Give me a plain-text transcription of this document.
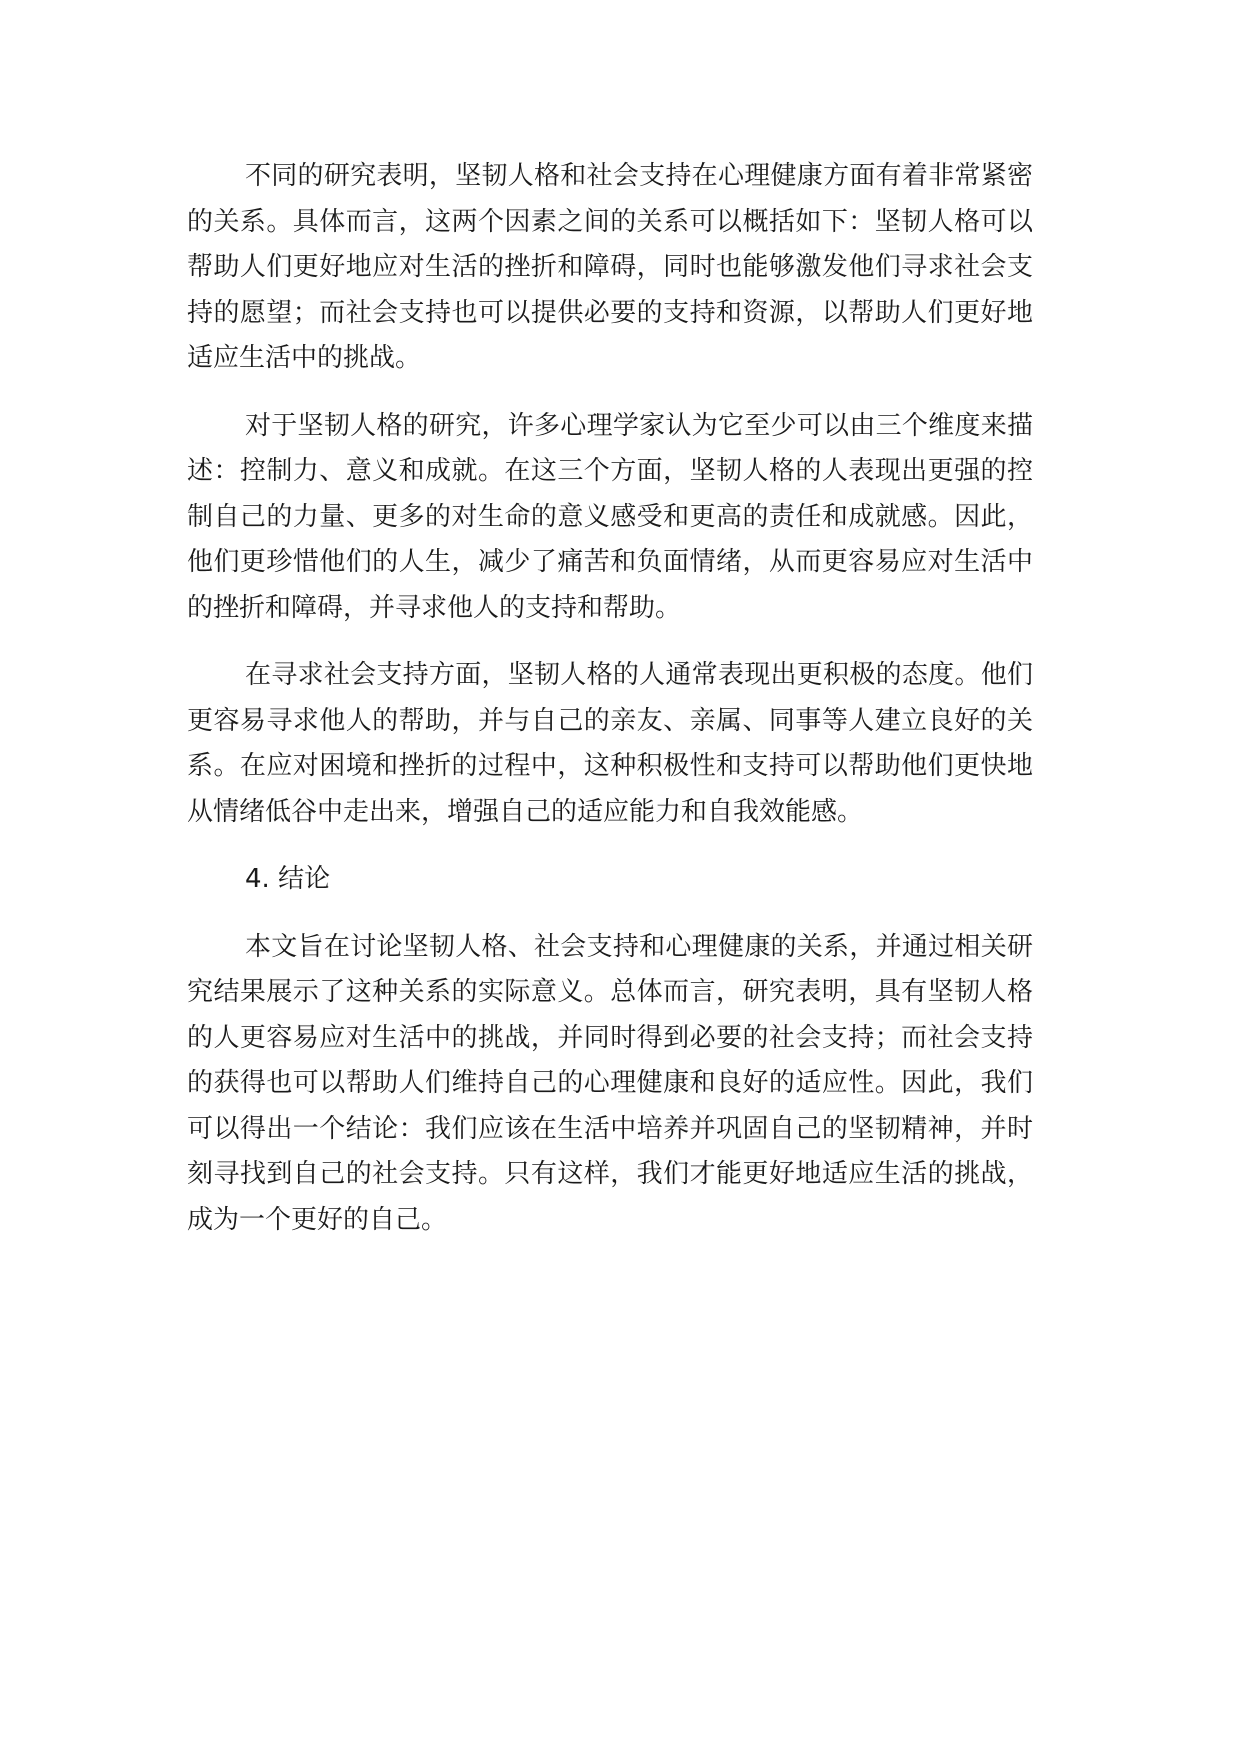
不同的研究表明，坚韧人格和社会支持在心理健康方面有着非常紧密的关系。具体而言，这两个因素之间的关系可以概括如下：坚韧人格可以帮助人们更好地应对生活的挫折和障碍，同时也能够激发他们寻求社会支持的愿望；而社会支持也可以提供必要的支持和资源，以帮助人们更好地适应生活中的挑战。

对于坚韧人格的研究，许多心理学家认为它至少可以由三个维度来描述：控制力、意义和成就。在这三个方面，坚韧人格的人表现出更强的控制自己的力量、更多的对生命的意义感受和更高的责任和成就感。因此，他们更珍惜他们的人生，减少了痛苦和负面情绪，从而更容易应对生活中的挫折和障碍，并寻求他人的支持和帮助。

在寻求社会支持方面，坚韧人格的人通常表现出更积极的态度。他们更容易寻求他人的帮助，并与自己的亲友、亲属、同事等人建立良好的关系。在应对困境和挫折的过程中，这种积极性和支持可以帮助他们更快地从情绪低谷中走出来，增强自己的适应能力和自我效能感。

4. 结论

本文旨在讨论坚韧人格、社会支持和心理健康的关系，并通过相关研究结果展示了这种关系的实际意义。总体而言，研究表明，具有坚韧人格的人更容易应对生活中的挑战，并同时得到必要的社会支持；而社会支持的获得也可以帮助人们维持自己的心理健康和良好的适应性。因此，我们可以得出一个结论：我们应该在生活中培养并巩固自己的坚韧精神，并时刻寻找到自己的社会支持。只有这样，我们才能更好地适应生活的挑战，成为一个更好的自己。
